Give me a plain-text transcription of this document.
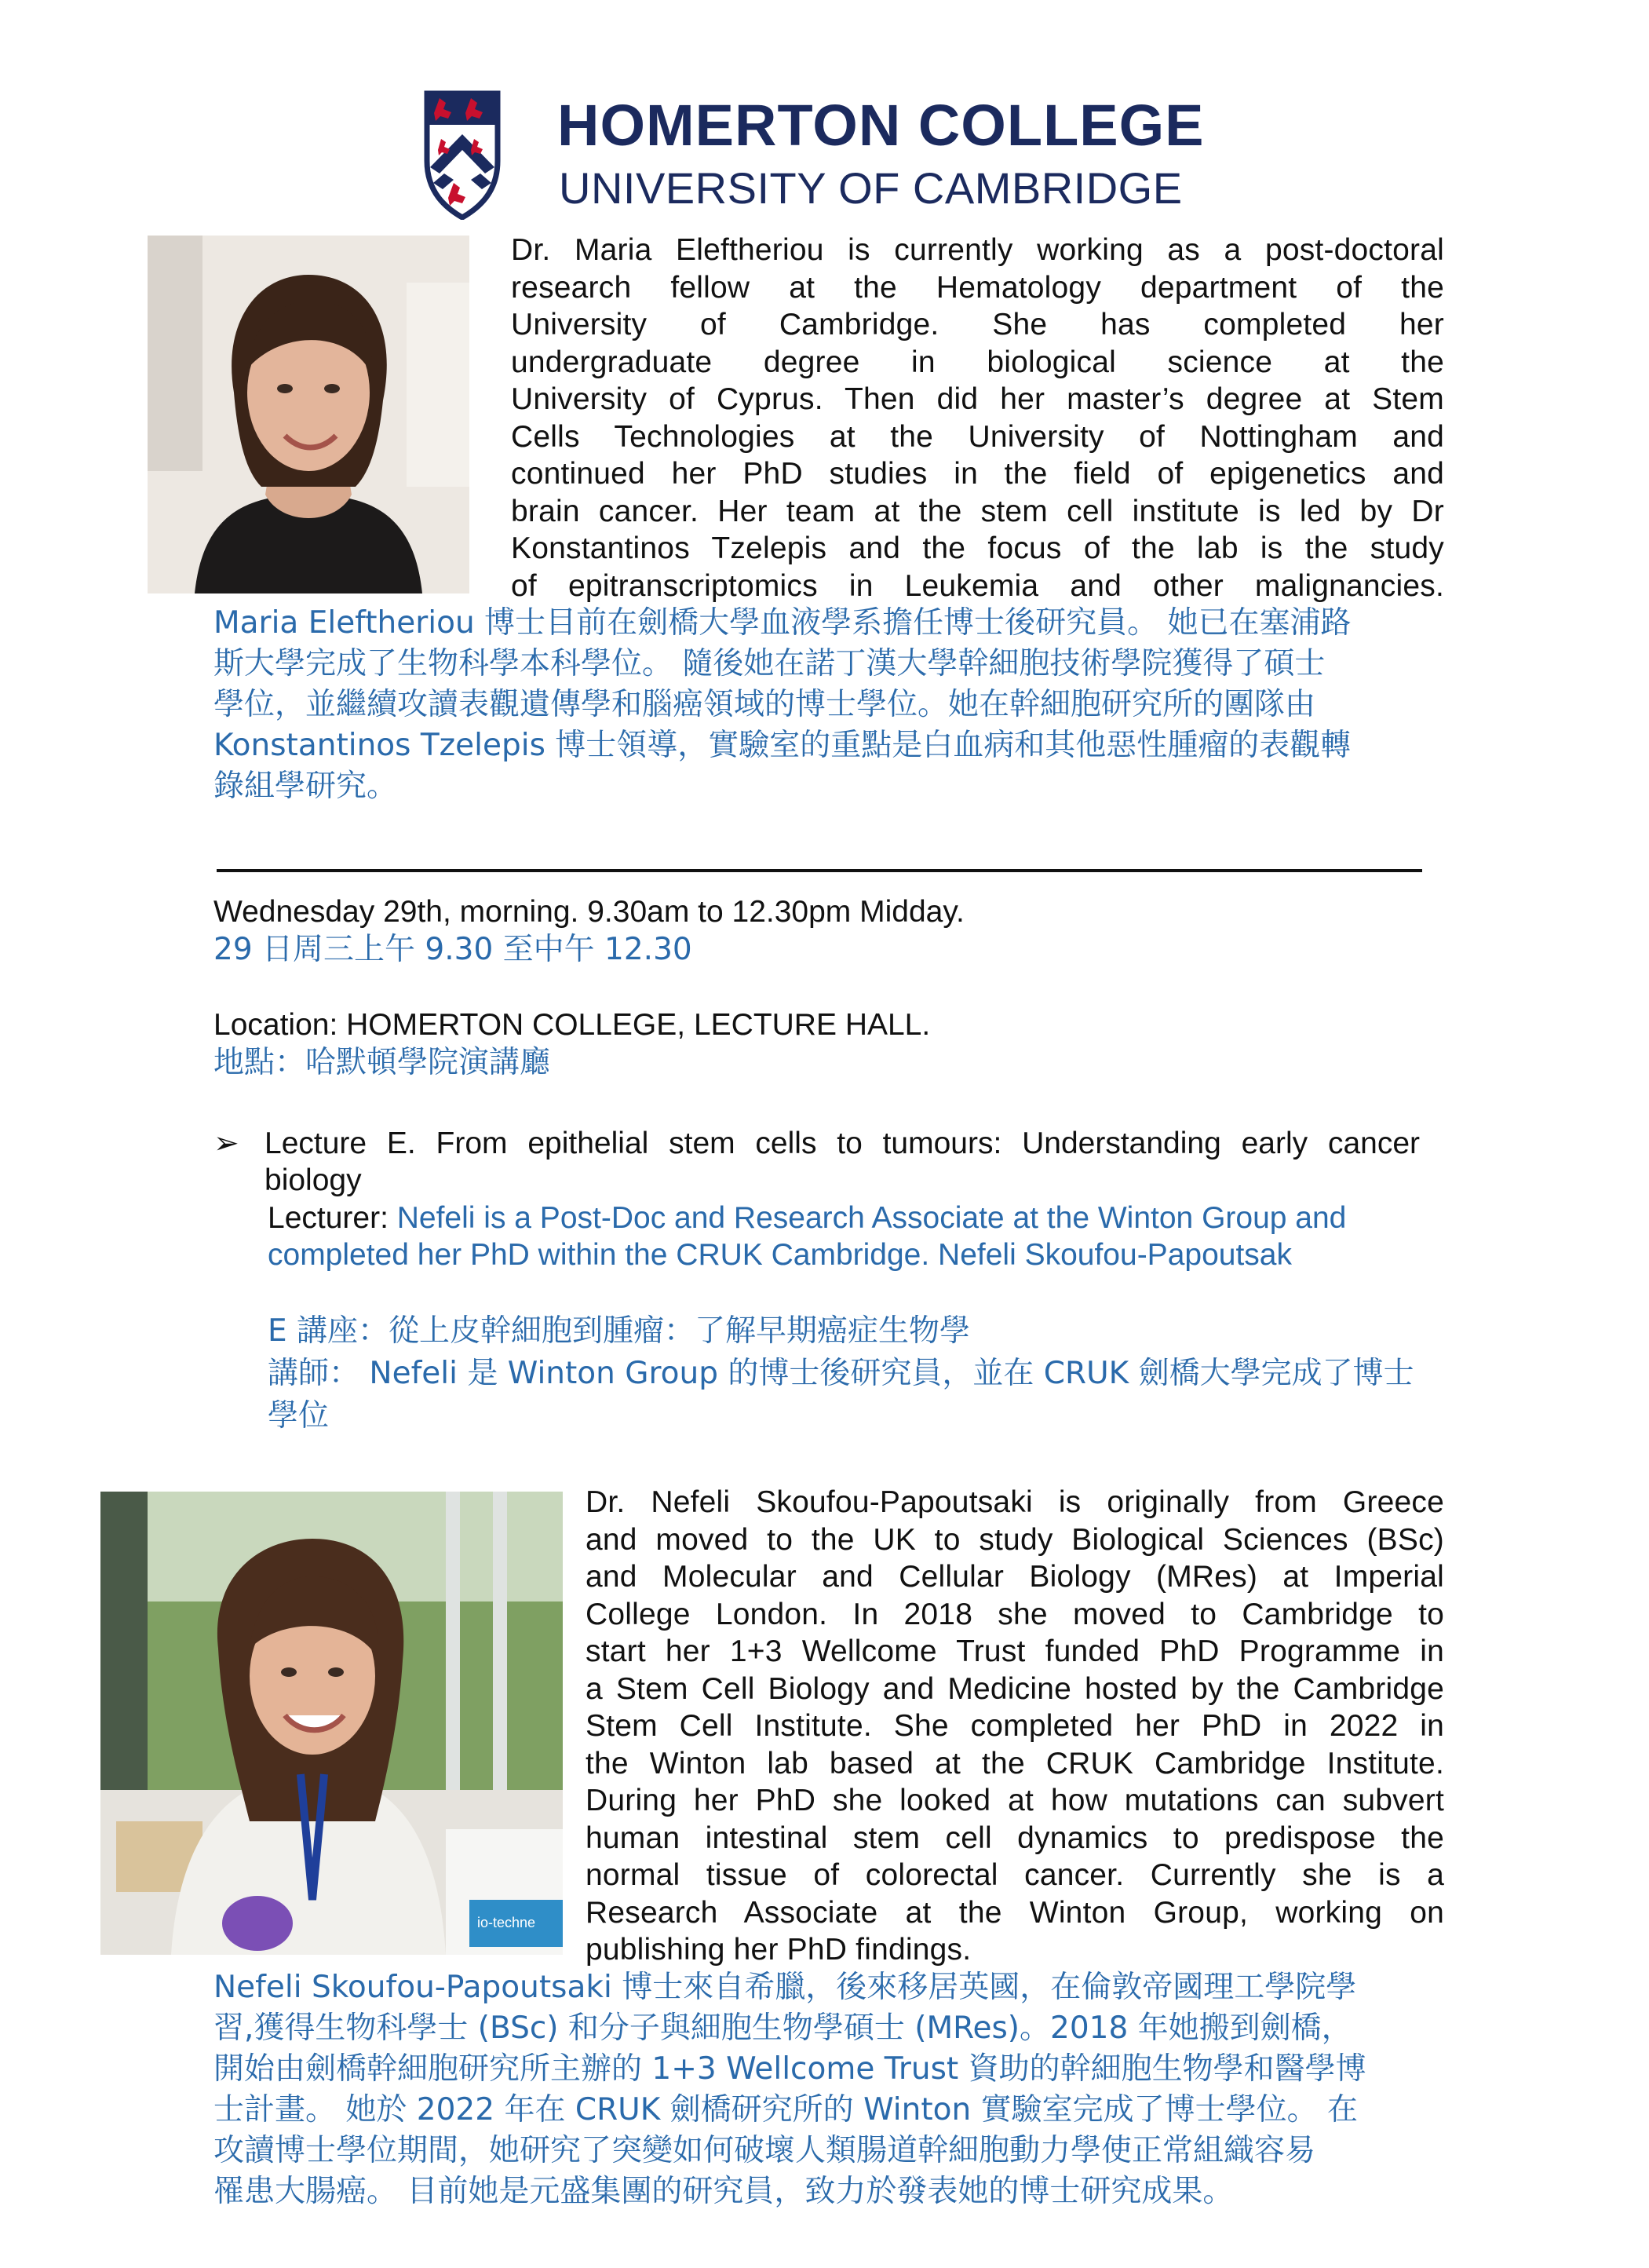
HOMERTON COLLEGE
UNIVERSITY OF CAMBRIDGE

Dr. Maria Eleftheriou is currently working as a post-doctoral

research fellow at the Hematology department of the

University of Cambridge. She has completed her

undergraduate degree in biological science at the

University of Cyprus. Then did her master’s degree at Stem

Cells Technologies at the University of Nottingham and

continued her PhD studies in the field of epigenetics and

brain cancer. Her team at the stem cell institute is led by Dr

Konstantinos Tzelepis and the focus of the lab is the study

of epitranscriptomics in Leukemia and other malignancies.

Maria Eleftheriou 博士目前在劍橋大學血液學系擔任博士後研究員。 她已在塞浦路

斯大學完成了生物科學本科學位。 隨後她在諾丁漢大學幹細胞技術學院獲得了碩士

學位，並繼續攻讀表觀遺傳學和腦癌領域的博士學位。她在幹細胞研究所的團隊由

Konstantinos Tzelepis 博士領導，實驗室的重點是白血病和其他惡性腫瘤的表觀轉

錄組學研究。

Wednesday 29th, morning. 9.30am to 12.30pm Midday.
29 日周三上午 9.30 至中午 12.30
Location: HOMERTON COLLEGE, LECTURE HALL.
地點：哈默頓學院演講廳
➢ Lecture E. From epithelial stem cells to tumours: Understanding early cancer
biology
Lecturer: Nefeli is a Post-Doc and Research Associate at the Winton Group and
completed her PhD within the CRUK Cambridge. Nefeli Skoufou-Papoutsak
E 講座：從上皮幹細胞到腫瘤：了解早期癌症生物學
講師： Nefeli 是 Winton Group 的博士後研究員，並在 CRUK 劍橋大學完成了博士
學位
io-techne

Dr. Nefeli Skoufou-Papoutsaki is originally from Greece

and moved to the UK to study Biological Sciences (BSc)

and Molecular and Cellular Biology (MRes) at Imperial

College London. In 2018 she moved to Cambridge to

start her 1+3 Wellcome Trust funded PhD Programme in

a Stem Cell Biology and Medicine hosted by the Cambridge

Stem Cell Institute. She completed her PhD in 2022 in

the Winton lab based at the CRUK Cambridge Institute.

During her PhD she looked at how mutations can subvert

human intestinal stem cell dynamics to predispose the

normal tissue of colorectal cancer. Currently she is a

Research Associate at the Winton Group, working on

publishing her PhD findings.

Nefeli Skoufou-Papoutsaki 博士來自希臘，後來移居英國，在倫敦帝國理工學院學

習,獲得生物科學士 (BSc) 和分子與細胞生物學碩士 (MRes)。2018 年她搬到劍橋，

開始由劍橋幹細胞研究所主辦的 1+3 Wellcome Trust 資助的幹細胞生物學和醫學博

士計畫。 她於 2022 年在 CRUK 劍橋研究所的 Winton 實驗室完成了博士學位。 在

攻讀博士學位期間，她研究了突變如何破壞人類腸道幹細胞動力學使正常組織容易

罹患大腸癌。 目前她是元盛集團的研究員，致力於發表她的博士研究成果。
